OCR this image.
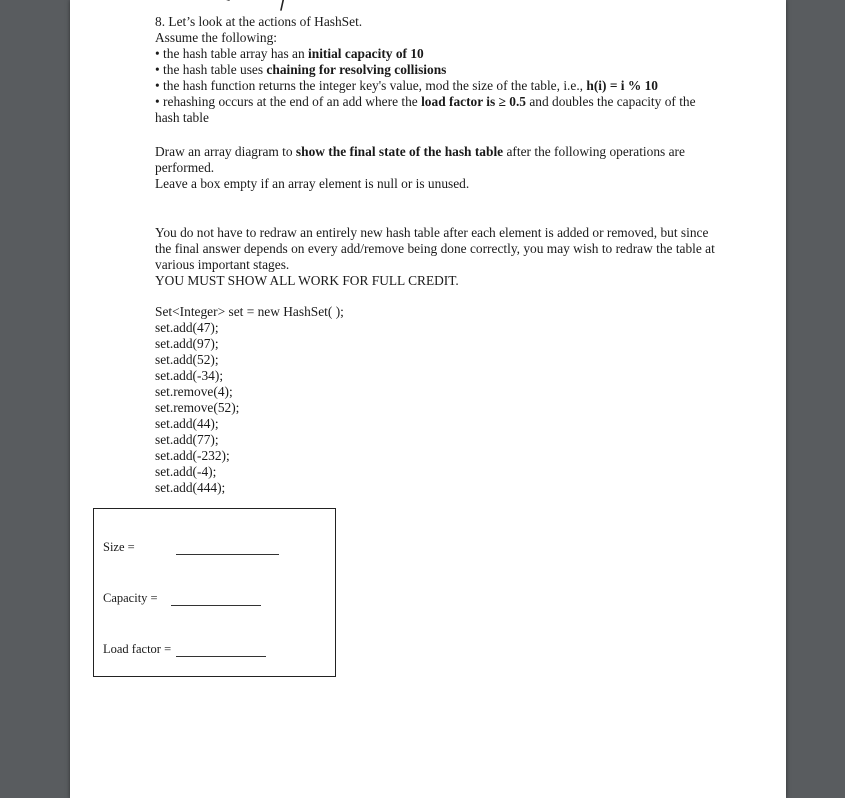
8. Let’s look at the actions of HashSet.

Assume the following:

• the hash table array has an initial capacity of 10

• the hash table uses chaining for resolving collisions

• the hash function returns the integer key's value, mod the size of the table, i.e., h(i) = i % 10

• rehashing occurs at the end of an add where the load factor is ≥ 0.5 and doubles the capacity of the hash table

Draw an array diagram to show the final state of the hash table after the following operations are performed.

Leave a box empty if an array element is null or is unused.

You do not have to redraw an entirely new hash table after each element is added or removed, but since the final answer depends on every add/remove being done correctly, you may wish to redraw the table at various important stages.

YOU MUST SHOW ALL WORK FOR FULL CREDIT.

Set<Integer> set = new HashSet( );

set.add(47);

set.add(97);

set.add(52);

set.add(-34);

set.remove(4);

set.remove(52);

set.add(44);

set.add(77);

set.add(-232);

set.add(-4);

set.add(444);

Size =
Capacity =
Load factor =
